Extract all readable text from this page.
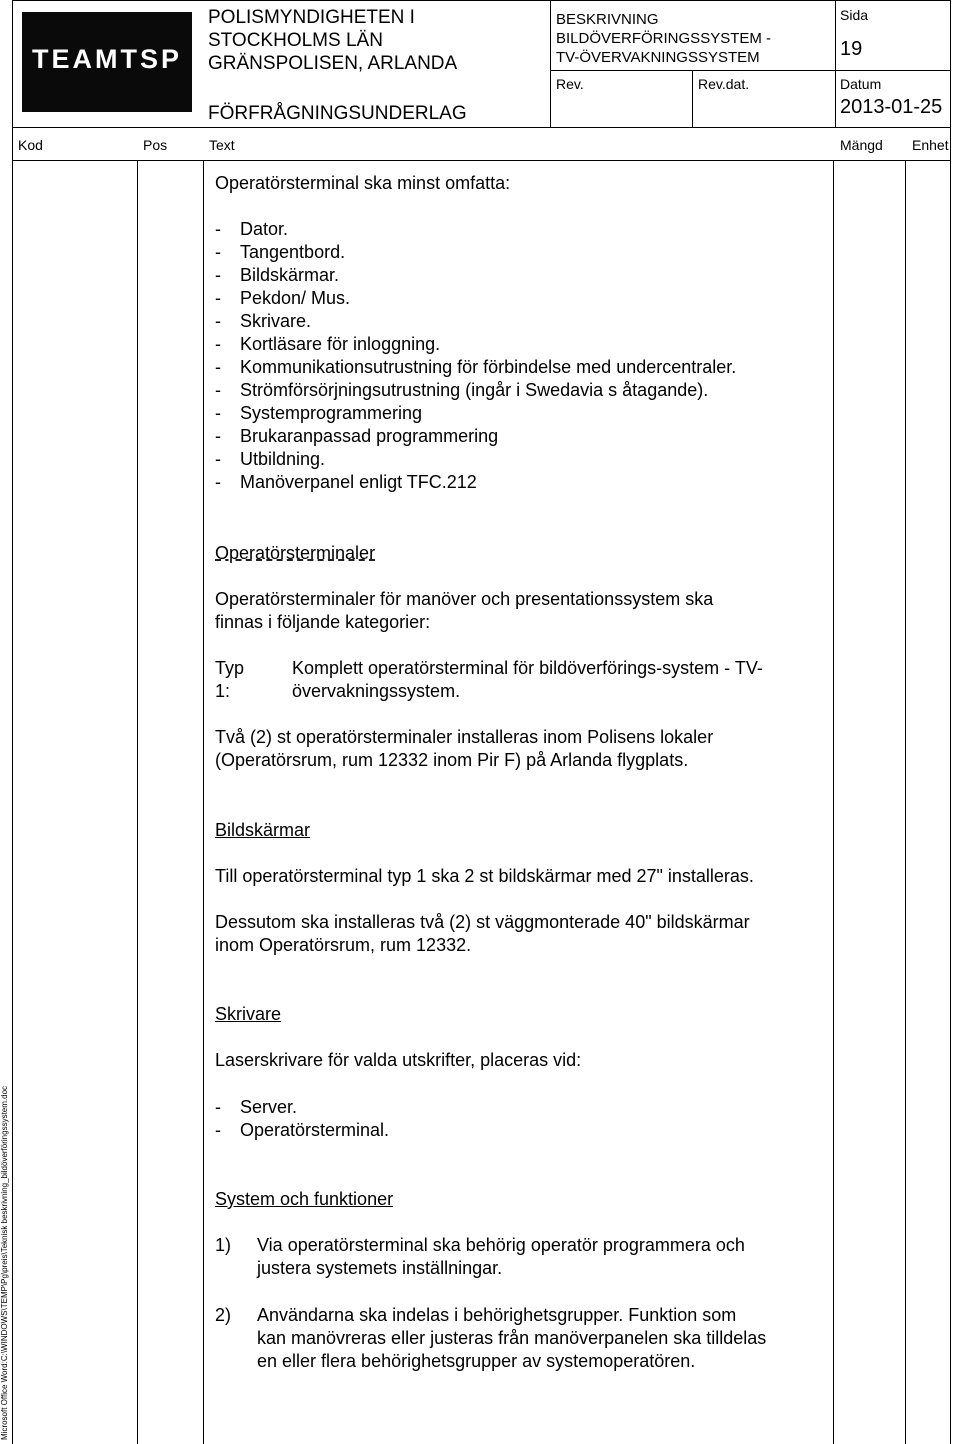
TEAMTSP
POLISMYNDIGHETEN I
STOCKHOLMS LÄN
GRÄNSPOLISEN, ARLANDA
FÖRFRÅGNINGSUNDERLAG
BESKRIVNING
BILDÖVERFÖRINGSSYSTEM -
TV-ÖVERVAKNINGSSYSTEM
Rev.	Rev.dat.
Sida
19
Datum
2013-01-25
Kod	Pos	Text	Mängd Enhet
Operatörsterminal ska minst omfatta:
- Dator.
- Tangentbord.
- Bildskärmar.
- Pekdon/ Mus.
- Skrivare.
- Kortläsare för inloggning.
- Kommunikationsutrustning för förbindelse med undercentraler.
- Strömförsörjningsutrustning (ingår i Swedavia s åtagande).
- Systemprogrammering
- Brukaranpassad programmering
- Utbildning.
- Manöverpanel enligt TFC.212
Operatörsterminaler
Operatörsterminaler för manöver och presentationssystem ska
finnas i följande kategorier:
Typ 1:
Komplett operatörsterminal för bildöverförings-system - TV-
övervakningssystem.
Två (2) st operatörsterminaler installeras inom Polisens lokaler
(Operatörsrum, rum 12332 inom Pir F) på Arlanda flygplats.
Bildskärmar
Till operatörsterminal typ 1 ska 2 st bildskärmar med 27" installeras.
Dessutom ska installeras två (2) st väggmonterade 40" bildskärmar
inom Operatörsrum, rum 12332.
Skrivare
Laserskrivare för valda utskrifter, placeras vid:
- Server.
- Operatörsterminal.
System och funktioner
1) Via operatörsterminal ska behörig operatör programmera och
justera systemets inställningar.
2) Användarna ska indelas i behörighetsgrupper. Funktion som
kan manövreras eller justeras från manöverpanelen ska tilldelas
en eller flera behörighetsgrupper av systemoperatören.
Microsoft Office Word:C:\WINDOWS\TEMP\Pg\preis\Teknisk beskrivning_bildöverföringssystem.doc
